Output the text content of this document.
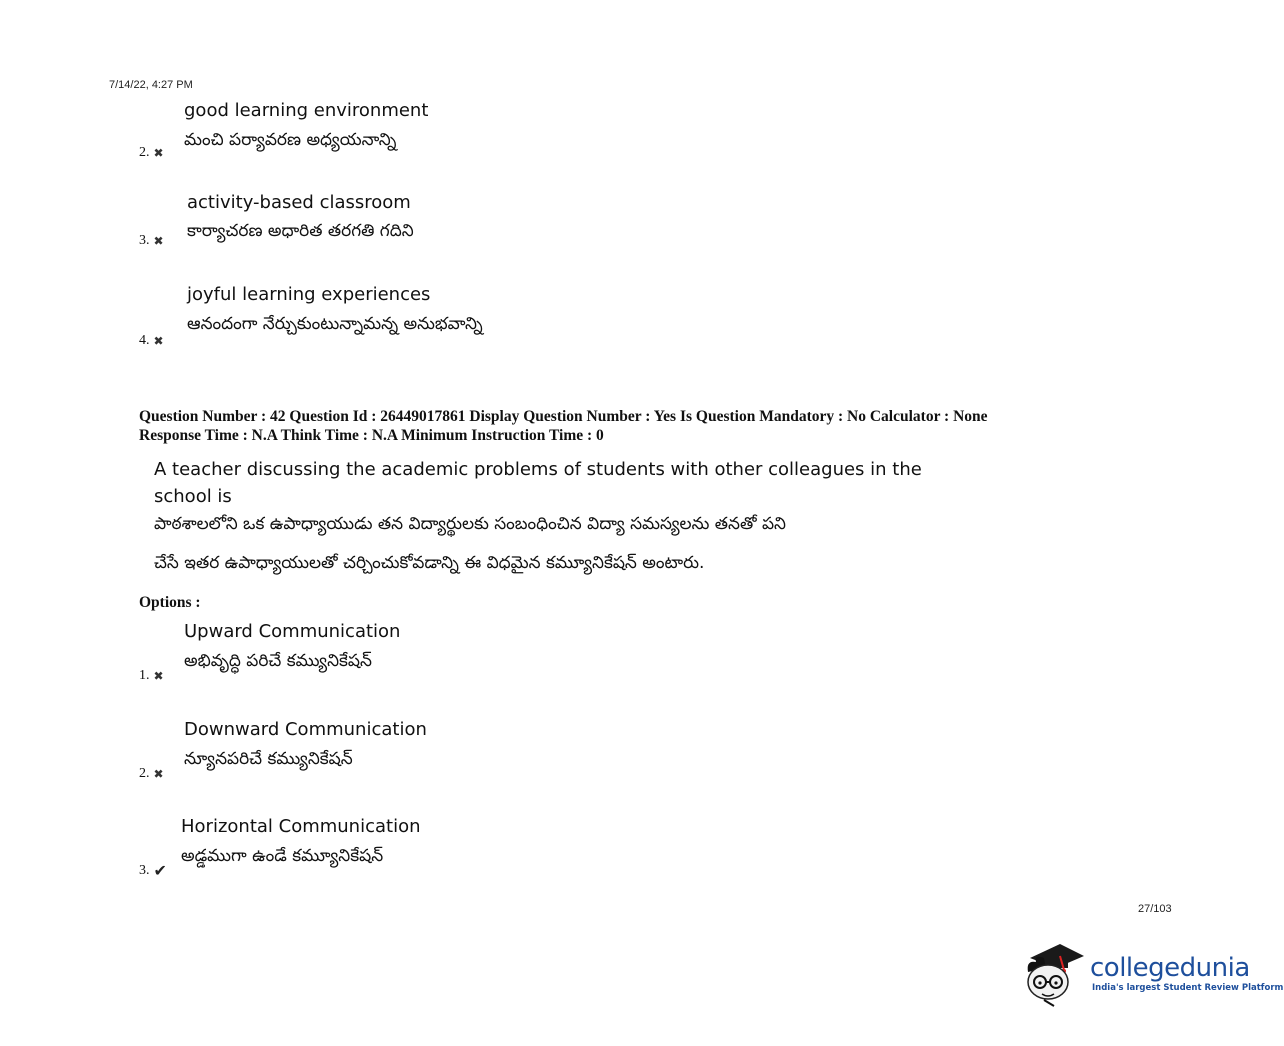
7/14/22, 4:27 PM
good learning environment
మంచి పర్యావరణ అధ్యయనాన్ని
2. ✖
activity-based classroom
కార్యాచరణ అధారిత తరగతి గదిని
3. ✖
joyful learning experiences
ఆనందంగా నేర్చుకుంటున్నామన్న అనుభవాన్ని
4. ✖
Question Number : 42 Question Id : 26449017861 Display Question Number : Yes Is Question Mandatory : No Calculator : None
Response Time : N.A Think Time : N.A Minimum Instruction Time : 0
A teacher discussing the academic problems of students with other colleagues in the
school is
పాఠశాలలోని ఒక ఉపాధ్యాయుడు తన విద్యార్థులకు సంబంధించిన విద్యా సమస్యలను తనతో పని
చేసే ఇతర ఉపాధ్యాయులతో చర్చించుకోవడాన్ని ఈ విధమైన కమ్యూనికేషన్ అంటారు.
Options :
Upward Communication
అభివృద్ధి పరిచే కమ్యునికేషన్
1. ✖
Downward Communication
న్యూనపరిచే కమ్యునికేషన్
2. ✖
Horizontal Communication
అడ్డముగా ఉండే కమ్యూనికేషన్
3. ✔
27/103
collegedunia
India's largest Student Review Platform
